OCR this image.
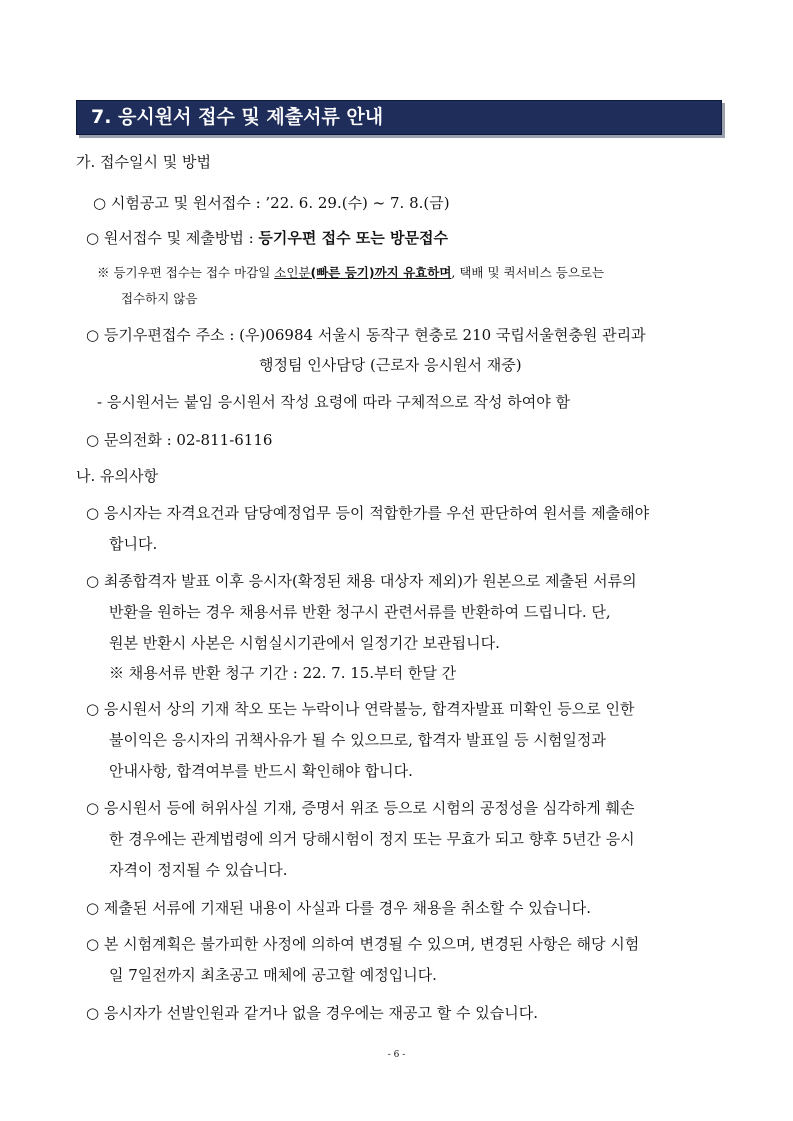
7. 응시원서 접수 및 제출서류 안내
가. 접수일시 및 방법
○ 시험공고 및 원서접수 : ’22. 6. 29.(수) ~ 7. 8.(금)
○ 원서접수 및 제출방법 : 등기우편 접수 또는 방문접수
※ 등기우편 접수는 접수 마감일 소인분(빠른 등기)까지 유효하며, 택배 및 퀵서비스 등으로는
접수하지 않음
○ 등기우편접수 주소 : (우)06984 서울시 동작구 현충로 210 국립서울현충원 관리과
행정팀 인사담당 (근로자 응시원서 재중)
- 응시원서는 붙임 응시원서 작성 요령에 따라 구체적으로 작성 하여야 함
○ 문의전화 : 02-811-6116
나. 유의사항
○ 응시자는 자격요건과 담당예정업무 등이 적합한가를 우선 판단하여 원서를 제출해야
합니다.
○ 최종합격자 발표 이후 응시자(확정된 채용 대상자 제외)가 원본으로 제출된 서류의
반환을 원하는 경우 채용서류 반환 청구시 관련서류를 반환하여 드립니다. 단,
원본 반환시 사본은 시험실시기관에서 일정기간 보관됩니다.
※ 채용서류 반환 청구 기간 : 22. 7. 15.부터 한달 간
○ 응시원서 상의 기재 착오 또는 누락이나 연락불능, 합격자발표 미확인 등으로 인한
불이익은 응시자의 귀책사유가 될 수 있으므로, 합격자 발표일 등 시험일정과
안내사항, 합격여부를 반드시 확인해야 합니다.
○ 응시원서 등에 허위사실 기재, 증명서 위조 등으로 시험의 공정성을 심각하게 훼손
한 경우에는 관계법령에 의거 당해시험이 정지 또는 무효가 되고 향후 5년간 응시
자격이 정지될 수 있습니다.
○ 제출된 서류에 기재된 내용이 사실과 다를 경우 채용을 취소할 수 있습니다.
○ 본 시험계획은 불가피한 사정에 의하여 변경될 수 있으며, 변경된 사항은 해당 시험
일 7일전까지 최초공고 매체에 공고할 예정입니다.
○ 응시자가 선발인원과 같거나 없을 경우에는 재공고 할 수 있습니다.
- 6 -
